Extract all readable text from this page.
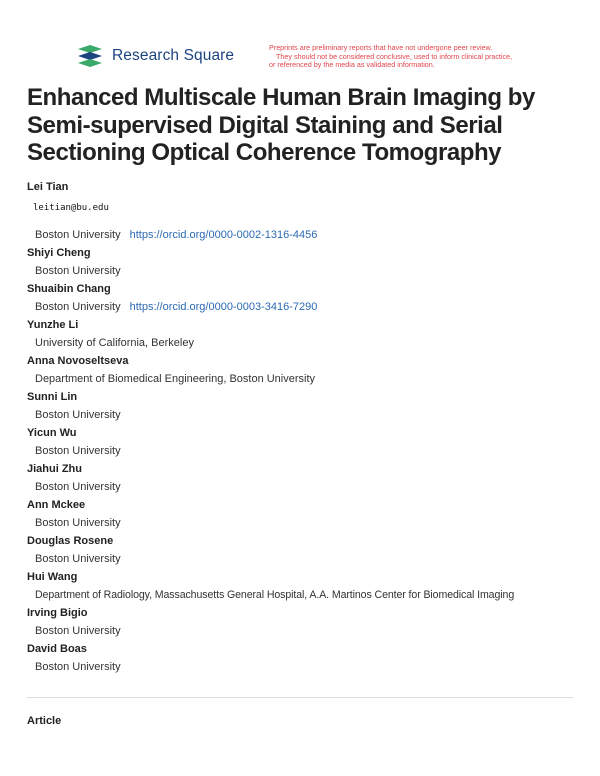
Research Square	Preprints are preliminary reports that have not undergone peer review.
They should not be considered conclusive, used to inform clinical practice,
or referenced by the media as validated information.
Enhanced Multiscale Human Brain Imaging by Semi-supervised Digital Staining and Serial Sectioning Optical Coherence Tomography
Lei Tian
leitian@bu.edu
Boston University https://orcid.org/0000-0002-1316-4456
Shiyi Cheng
Boston University
Shuaibin Chang
Boston University https://orcid.org/0000-0003-3416-7290
Yunzhe Li
University of California, Berkeley
Anna Novoseltseva
Department of Biomedical Engineering, Boston University
Sunni Lin
Boston University
Yicun Wu
Boston University
Jiahui Zhu
Boston University
Ann Mckee
Boston University
Douglas Rosene
Boston University
Hui Wang
Department of Radiology, Massachusetts General Hospital, A.A. Martinos Center for Biomedical Imaging
Irving Bigio
Boston University
David Boas
Boston University
Article
